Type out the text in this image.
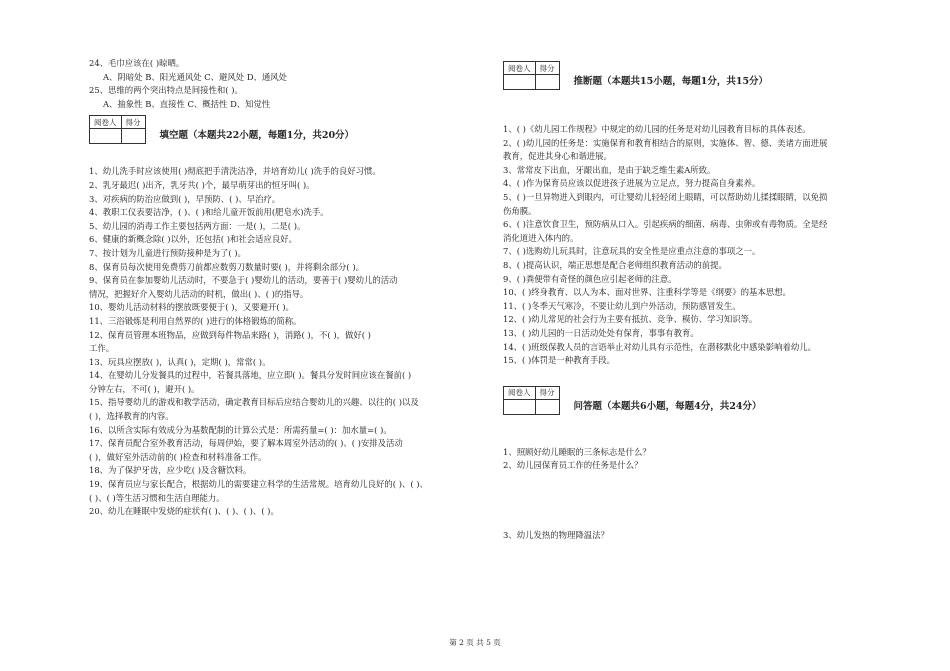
24、毛巾应该在( )晾晒。
A、阴暗处 B、阳光通风处 C、避风处 D、通风处
25、思维的两个突出特点是间接性和( )。
A、抽象性 B、直接性 C、概括性 D、知觉性
阅卷人	得分

填空题（本题共22小题，每题1分，共20分）
1、幼儿洗手时应该使用( )彻底把手清洗洁净，并培育幼儿( )洗手的良好习惯。
2、乳牙最迟( )出齐，乳牙共( )个，最早萌芽出的恒牙叫( )。
3、对疾病的防治应做到( )，早预防、( )、早治疗。
4、教职工仪表要洁净，( )、( )和给儿童开饭前用(肥皂水)洗手。
5、幼儿园的消毒工作主要包括两方面：一是( )，二是( )。
6、健康的新概念除( )以外，还包括( )和社会适应良好。
7、按计划为儿童进行预防接种是为了( )。
8、保育员每次使用免费剪刀前都应数剪刀数量时要( )，并将剩余部分( )。
9、保育员在参加婴幼儿活动时，不要急于( )婴幼儿的活动，要善于( )婴幼儿的活动
情况，把握好介入婴幼儿活动的时机，做出( )、( )的指导。
10、婴幼儿活动材料的摆放既要便于( )，又要避开( )。
11、三浴锻炼是利用自然界的( )进行的体格锻炼的简称。
12、保育员管理本班物品，应做到每件物品来路( )，消路( )，不( )，做好( )
工作。
13、玩具应摆放( )，认真( )，定期( )，常常( )。
14、在婴幼儿分发餐具的过程中，若餐具落地，应立即( )。餐具分发时间应该在餐前( )
分钟左右，不可( )，避开( )。
15、指导婴幼儿的游戏和教学活动，确定教育目标后应结合婴幼儿的兴趣、以往的( )以及
( )，选择教育的内容。
16、以所含实际有效成分为基数配制的计算公式是：所需药量=( )：加水量=( )。
17、保育员配合室外教育活动，每周伊始，要了解本周室外活动的( )、( )安排及活动
( )，做好室外活动前的( )检查和材料准备工作。
18、为了保护牙齿，应少吃( )及含糖饮料。
19、保育员应与家长配合，根据幼儿的需要建立科学的生活常规。培育幼儿良好的( )、( )、
( )、( )等生活习惯和生活自理能力。
20、幼儿在睡眠中发烧的症状有( )、( )、( )、( )。
阅卷人	得分

推断题（本题共15小题，每题1分，共15分）
1、( )《幼儿园工作规程》中规定的幼儿园的任务是对幼儿园教育目标的具体表述。
2、( )幼儿园的任务是：实施保育和教育相结合的原则，实施体、智、德、美诸方面进展
教育，促进其身心和谐进展。
3、常常皮下出血，牙龈出血，是由于缺乏维生素A所致。
4、( )作为保育员应该以促进孩子进展为立足点，努力提高自身素养。
5、( )一旦异物进入到眼内，可让婴幼儿轻轻闭上眼睛，可以帮助幼儿揉揉眼睛，以免损
伤角膜。
6、( )注意饮食卫生，预防病从口入。引起疾病的细菌、病毒、虫卵或有毒物质。全是经
消化道进入体内的。
7、( )选购幼儿玩具时，注意玩具的安全性是应重点注意的事项之一。
8、( )提高认识，端正思想是配合老师组织教育活动的前提。
9、( )粪便带有奇怪的颜色应引起老师的注意。
10、( )终身教育、以人为本、面对世界、注重科学等是《纲要》的基本思想。
11、( )冬季天气寒冷，不要让幼儿到户外活动，预防感冒发生。
12、( )幼儿常见的社会行为主要有抵抗、竞争、模仿、学习知识等。
13、( )幼儿园的一日活动处处有保育，事事有教育。
14、( )班级保教人员的言语举止对幼儿具有示范性，在潜移默化中感染影响着幼儿。
15、( )体罚是一种教育手段。
阅卷人	得分

问答题（本题共6小题，每题4分，共24分）
1、照顾好幼儿睡眠的三条标志是什么？
2、幼儿园保育员工作的任务是什么？
3、幼儿发热的物理降温法？
第 2 页 共 5 页
